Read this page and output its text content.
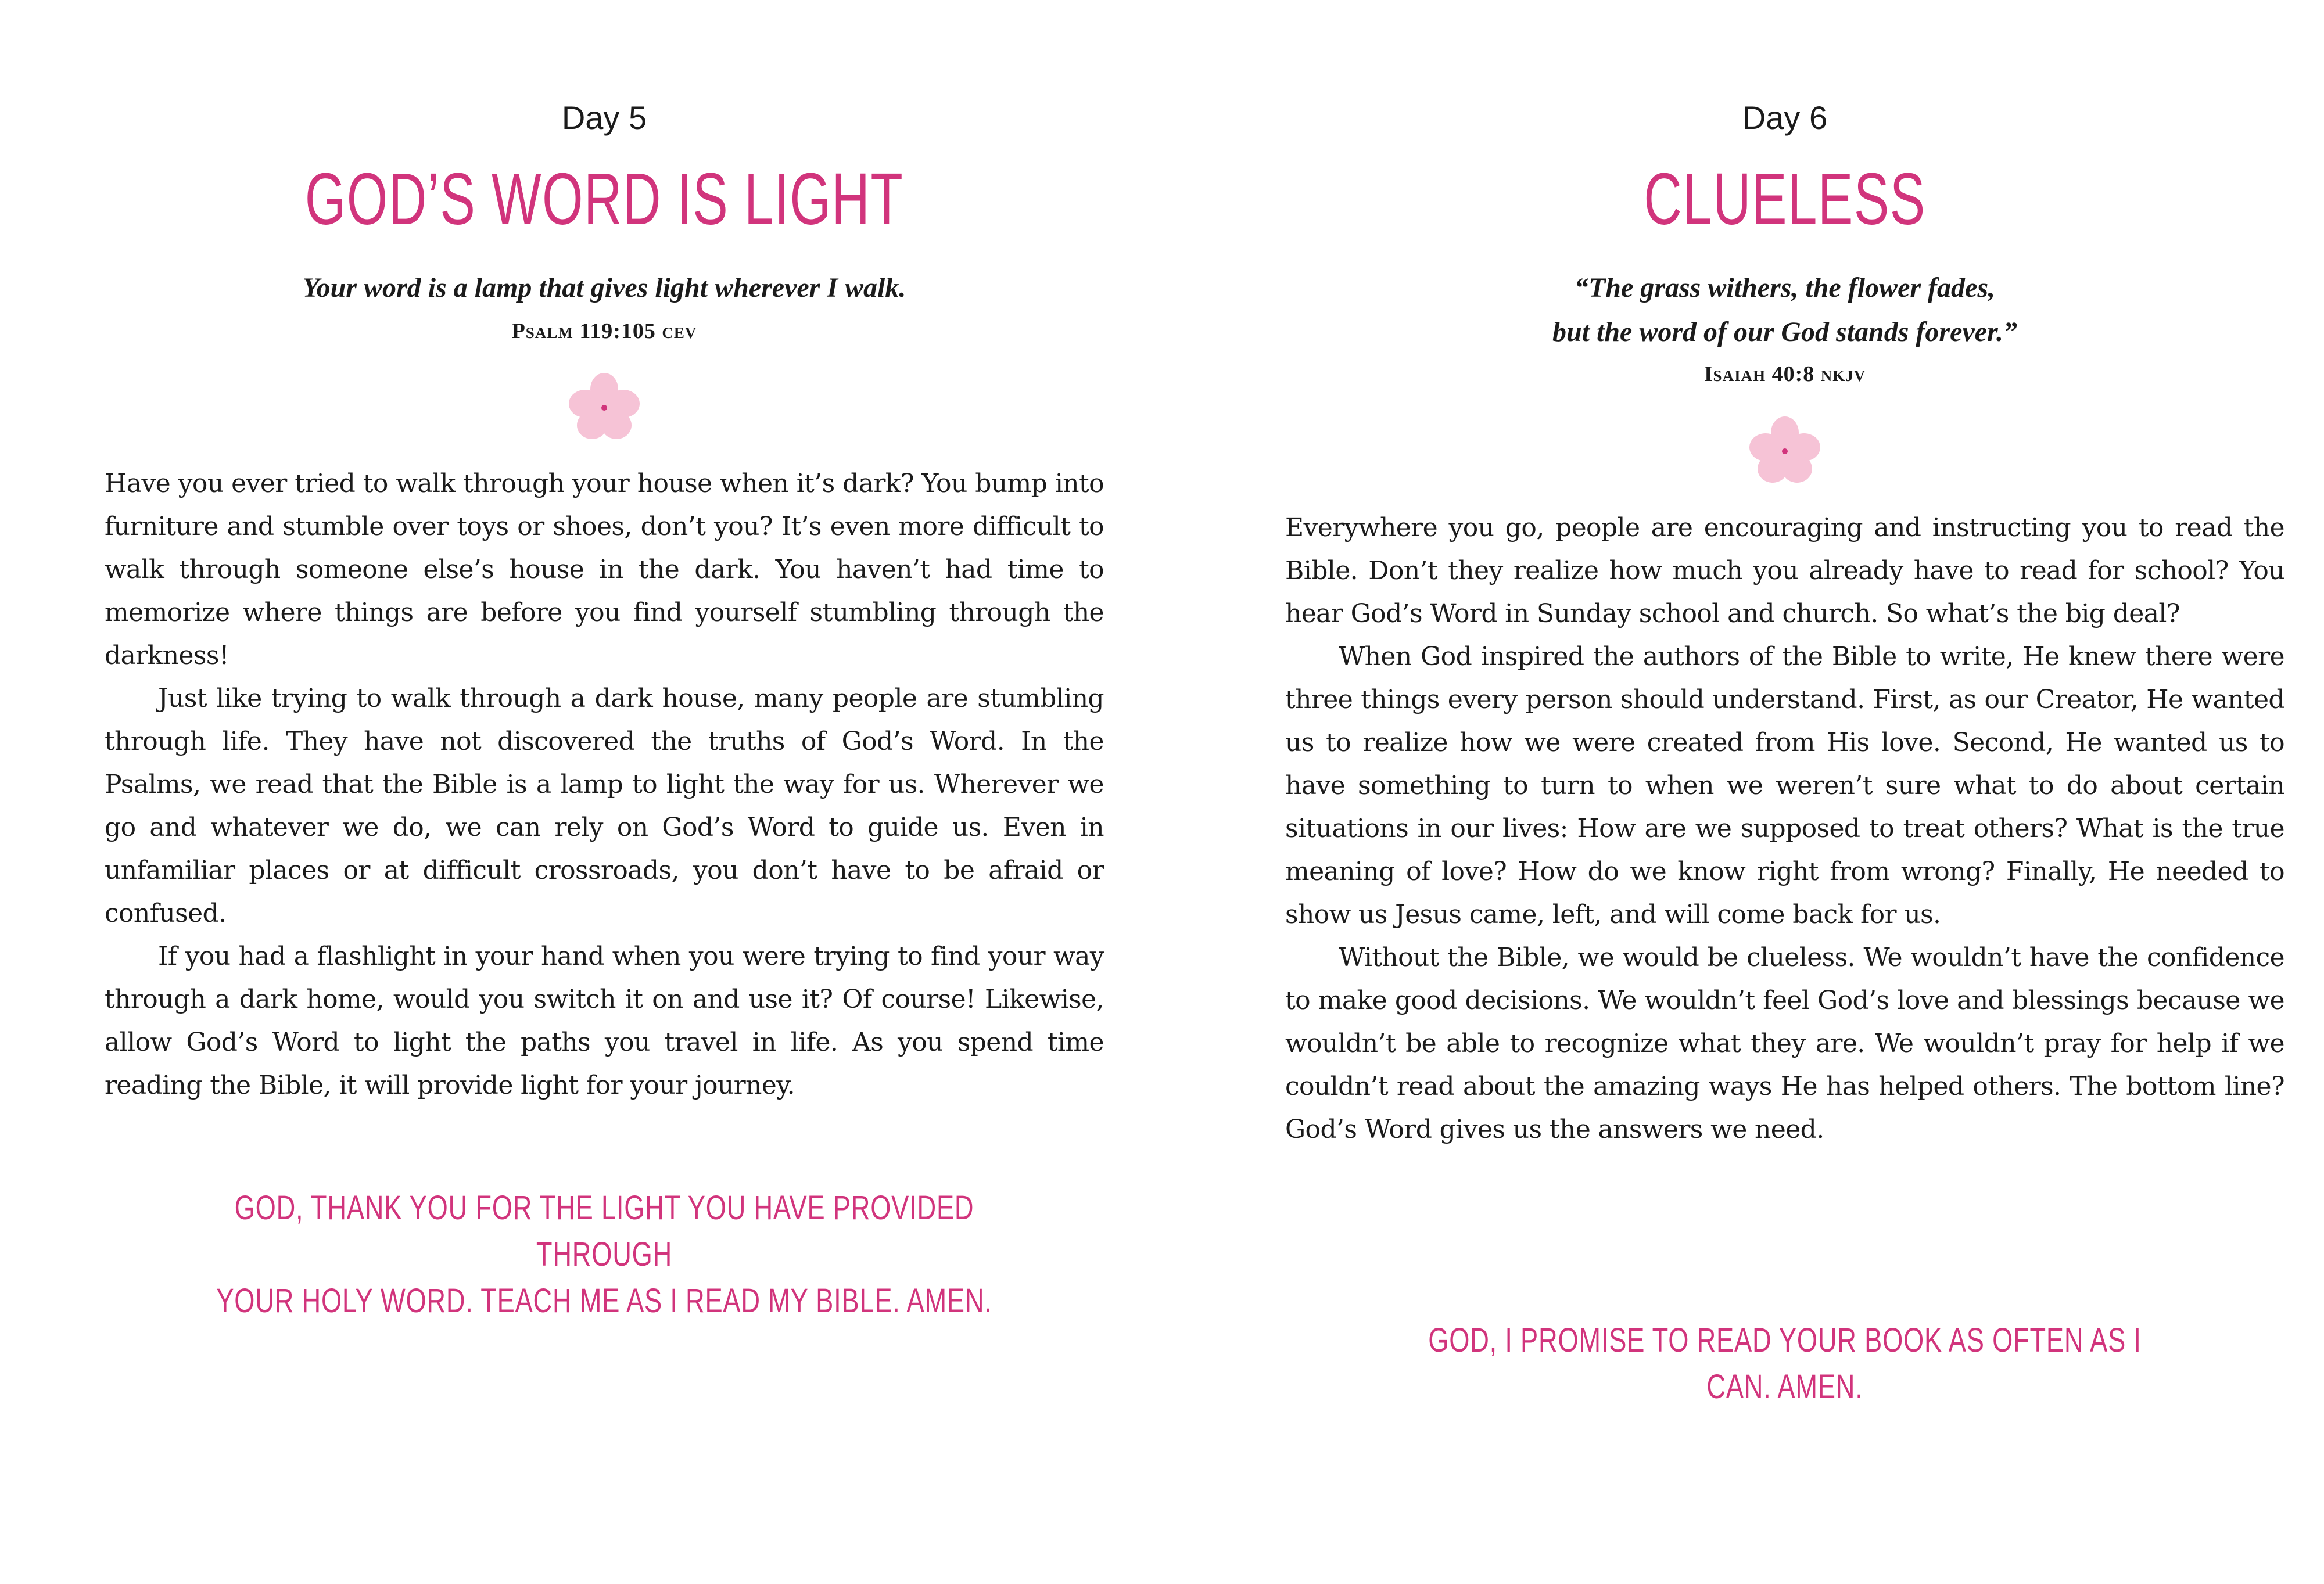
Day 5
GOD’S WORD IS LIGHT
Your word is a lamp that gives light wherever I walk.
Psalm 119:105 cev

Have you ever tried to walk through your house when it’s dark? You bump into furniture and stumble over toys or shoes, don’t you? It’s even more difficult to walk through someone else’s house in the dark. You haven’t had time to memorize where things are before you find yourself stumbling through the darkness!

Just like trying to walk through a dark house, many people are stumbling through life. They have not discovered the truths of God’s Word. In the Psalms, we read that the Bible is a lamp to light the way for us. Wherever we go and whatever we do, we can rely on God’s Word to guide us. Even in unfamiliar places or at difficult crossroads, you don’t have to be afraid or confused.

If you had a flashlight in your hand when you were trying to find your way through a dark home, would you switch it on and use it? Of course! Likewise, allow God’s Word to light the paths you travel in life. As you spend time reading the Bible, it will provide light for your journey.

GOD, THANK YOU FOR THE LIGHT YOU HAVE PROVIDED THROUGH
YOUR HOLY WORD. TEACH ME AS I READ MY BIBLE. AMEN.
Day 6
CLUELESS
“The grass withers, the flower fades,
but the word of our God stands forever.”
Isaiah 40:8 nkjv

Everywhere you go, people are encouraging and instructing you to read the Bible. Don’t they realize how much you already have to read for school? You hear God’s Word in Sunday school and church. So what’s the big deal?

When God inspired the authors of the Bible to write, He knew there were three things every person should understand. First, as our Creator, He wanted us to realize how we were created from His love. Second, He wanted us to have something to turn to when we weren’t sure what to do about certain situations in our lives: How are we supposed to treat others? What is the true meaning of love? How do we know right from wrong? Finally, He needed to show us Jesus came, left, and will come back for us.

Without the Bible, we would be clueless. We wouldn’t have the confidence to make good decisions. We wouldn’t feel God’s love and blessings because we wouldn’t be able to recognize what they are. We wouldn’t pray for help if we couldn’t read about the amazing ways He has helped others. The bottom line? God’s Word gives us the answers we need.

GOD, I PROMISE TO READ YOUR BOOK AS OFTEN AS I CAN. AMEN.
